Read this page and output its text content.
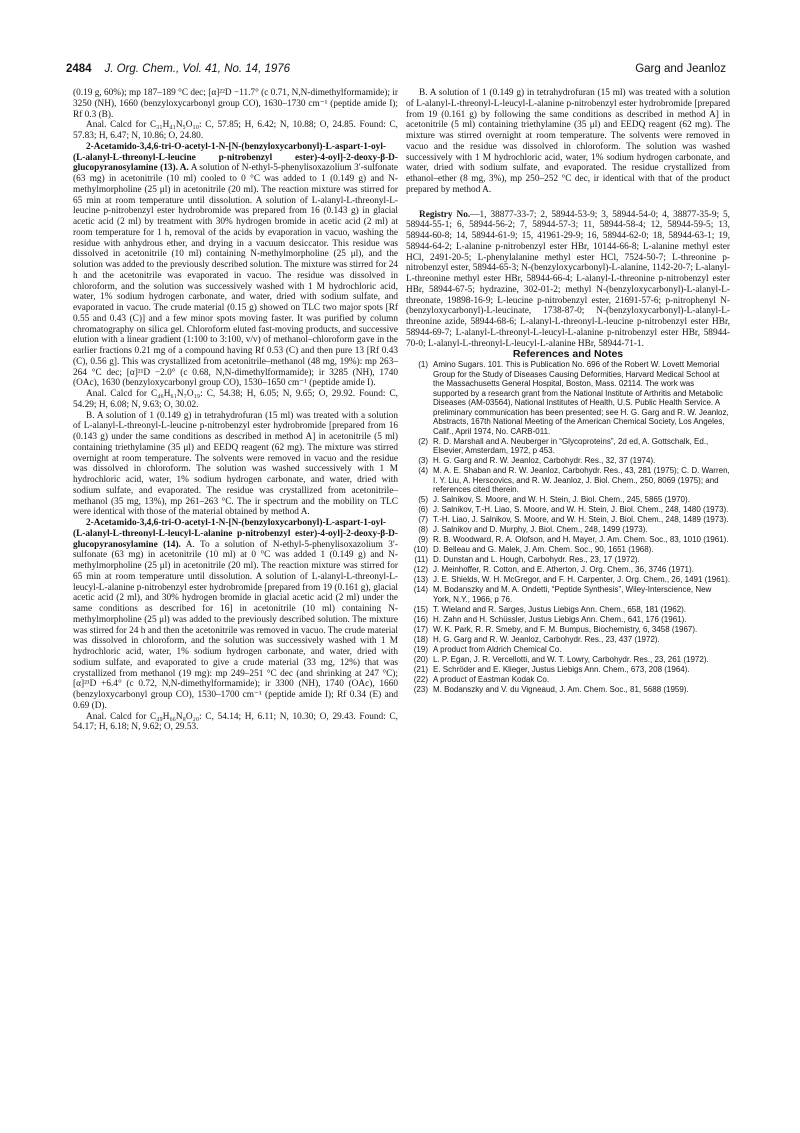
2484 J. Org. Chem., Vol. 41, No. 14, 1976	Garg and Jeanloz

(0.19 g, 60%); mp 187–189 °C dec; [α]²²D −11.7° (c 0.71, N,N-dimethylformamide); ir 3250 (NH), 1660 (benzyloxycarbonyl group CO), 1630–1730 cm⁻¹ (peptide amide I); Rf 0.3 (B).

Anal. Calcd for C₃₁H₄₁N₅O₁₀: C, 57.85; H, 6.42; N, 10.88; O, 24.85. Found: C, 57.83; H, 6.47; N, 10.86; O, 24.80.

2-Acetamido-3,4,6-tri-O-acetyl-1-N-[N-(benzyloxycarbonyl)-L-aspart-1-oyl-(L-alanyl-L-threonyl-L-leucine p-nitrobenzyl ester)-4-oyl]-2-deoxy-β-D-glucopyranosylamine (13). A. A solution of N-ethyl-5-phenylisoxazolium 3′-sulfonate (63 mg) in acetonitrile (10 ml) cooled to 0 °C was added to 1 (0.149 g) and N-methylmorpholine (25 μl) in acetonitrile (20 ml). The reaction mixture was stirred for 65 min at room temperature until dissolution. A solution of L-alanyl-L-threonyl-L-leucine p-nitrobenzyl ester hydrobromide was prepared from 16 (0.143 g) in glacial acetic acid (2 ml) by treatment with 30% hydrogen bromide in acetic acid (2 ml) at room temperature for 1 h, removal of the acids by evaporation in vacuo, washing the residue with anhydrous ether, and drying in a vacuum desiccator. This residue was dissolved in acetonitrile (10 ml) containing N-methylmorpholine (25 μl), and the solution was added to the previously described solution. The mixture was stirred for 24 h and the acetonitrile was evaporated in vacuo. The residue was dissolved in chloroform, and the solution was successively washed with 1 M hydrochloric acid, water, 1% sodium hydrogen carbonate, and water, dried with sodium sulfate, and evaporated in vacuo. The crude material (0.15 g) showed on TLC two major spots [Rf 0.55 and 0.43 (C)] and a few minor spots moving faster. It was purified by column chromatography on silica gel. Chloroform eluted fast-moving products, and successive elution with a linear gradient (1:100 to 3:100, v/v) of methanol–chloroform gave in the earlier fractions 0.21 mg of a compound having Rf 0.53 (C) and then pure 13 [Rf 0.43 (C), 0.56 g]. This was crystallized from acetonitrile–methanol (48 mg, 19%): mp 263–264 °C dec; [α]²¹D −2.0° (c 0.68, N,N-dimethylformamide); ir 3285 (NH), 1740 (OAc), 1630 (benzyloxycarbonyl group CO), 1530–1650 cm⁻¹ (peptide amide I).

Anal. Calcd for C₄₆H₆₁N₇O₁₉: C, 54.38; H, 6.05; N, 9.65; O, 29.92. Found: C, 54.29; H, 6.08; N, 9.63; O, 30.02.

B. A solution of 1 (0.149 g) in tetrahydrofuran (15 ml) was treated with a solution of L-alanyl-L-threonyl-L-leucine p-nitrobenzyl ester hydrobromide [prepared from 16 (0.143 g) under the same conditions as described in method A] in acetonitrile (5 ml) containing triethylamine (35 μl) and EEDQ reagent (62 mg). The mixture was stirred overnight at room temperature. The solvents were removed in vacuo and the residue was dissolved in chloroform. The solution was washed successively with 1 M hydrochloric acid, water, 1% sodium hydrogen carbonate, and water, dried with sodium sulfate, and evaporated. The residue was crystallized from acetonitrile–methanol (35 mg, 13%), mp 261–263 °C. The ir spectrum and the mobility on TLC were identical with those of the material obtained by method A.

2-Acetamido-3,4,6-tri-O-acetyl-1-N-[N-(benzyloxycarbonyl)-L-aspart-1-oyl-(L-alanyl-L-threonyl-L-leucyl-L-alanine p-nitrobenzyl ester)-4-oyl]-2-deoxy-β-D-glucopyranosylamine (14). A. To a solution of N-ethyl-5-phenylisoxazolium 3′-sulfonate (63 mg) in acetonitrile (10 ml) at 0 °C was added 1 (0.149 g) and N-methylmorpholine (25 μl) in acetonitrile (20 ml). The reaction mixture was stirred for 65 min at room temperature until dissolution. A solution of L-alanyl-L-threonyl-L-leucyl-L-alanine p-nitrobenzyl ester hydrobromide [prepared from 19 (0.161 g), glacial acetic acid (2 ml), and 30% hydrogen bromide in glacial acetic acid (2 ml) under the same conditions as described for 16] in acetonitrile (10 ml) containing N-methylmorpholine (25 μl) was added to the previously described solution. The mixture was stirred for 24 h and then the acetonitrile was removed in vacuo. The crude material was dissolved in chloroform, and the solution was successively washed with 1 M hydrochloric acid, water, 1% sodium hydrogen carbonate, and water, dried with sodium sulfate, and evaporated to give a crude material (33 mg, 12%) that was crystallized from methanol (19 mg): mp 249–251 °C dec (and shrinking at 247 °C); [α]²¹D +6.4° (c 0.72, N,N-dimethylformamide); ir 3300 (NH), 1740 (OAc), 1660 (benzyloxycarbonyl group CO), 1530–1700 cm⁻¹ (peptide amide I); Rf 0.34 (E) and 0.69 (D).

Anal. Calcd for C₄₉H₆₆N₈O₂₀: C, 54.14; H, 6.11; N, 10.30; O, 29.43. Found: C, 54.17; H, 6.18; N, 9.62; O, 29.53.

B. A solution of 1 (0.149 g) in tetrahydrofuran (15 ml) was treated with a solution of L-alanyl-L-threonyl-L-leucyl-L-alanine p-nitrobenzyl ester hydrobromide [prepared from 19 (0.161 g) by following the same conditions as described in method A] in acetonitrile (5 ml) containing triethylamine (35 μl) and EEDQ reagent (62 mg). The mixture was stirred overnight at room temperature. The solvents were removed in vacuo and the residue was dissolved in chloroform. The solution was washed successively with 1 M hydrochloric acid, water, 1% sodium hydrogen carbonate, and water, dried with sodium sulfate, and evaporated. The residue crystallized from ethanol–ether (8 mg, 3%), mp 250–252 °C dec, ir identical with that of the product prepared by method A.

Registry No.—1, 38877-33-7; 2, 58944-53-9; 3, 58944-54-0; 4, 38877-35-9; 5, 58944-55-1; 6, 58944-56-2; 7, 58944-57-3; 11, 58944-58-4; 12, 58944-59-5; 13, 58944-60-8; 14, 58944-61-9; 15, 41961-29-9; 16, 58944-62-0; 18, 58944-63-1; 19, 58944-64-2; L-alanine p-nitrobenzyl ester HBr, 10144-66-8; L-alanine methyl ester HCl, 2491-20-5; L-phenylalanine methyl ester HCl, 7524-50-7; L-threonine p-nitrobenzyl ester, 58944-65-3; N-(benzyloxycarbonyl)-L-alanine, 1142-20-7; L-alanyl-L-threonine methyl ester HBr, 58944-66-4; L-alanyl-L-threonine p-nitrobenzyl ester HBr, 58944-67-5; hydrazine, 302-01-2; methyl N-(benzyloxycarbonyl)-L-alanyl-L-threonate, 19898-16-9; L-leucine p-nitrobenzyl ester, 21691-57-6; p-nitrophenyl N-(benzyloxycarbonyl)-L-leucinate, 1738-87-0; N-(benzyloxycarbonyl)-L-alanyl-L-threonine azide, 58944-68-6; L-alanyl-L-threonyl-L-leucine p-nitrobenzyl ester HBr, 58944-69-7; L-alanyl-L-threonyl-L-leucyl-L-alanine p-nitrobenzyl ester HBr, 58944-70-0; L-alanyl-L-threonyl-L-leucyl-L-alanine HBr, 58944-71-1.

References and Notes

(1) Amino Sugars. 101. This is Publication No. 696 of the Robert W. Lovett Memorial Group for the Study of Diseases Causing Deformities, Harvard Medical School at the Massachusetts General Hospital, Boston, Mass. 02114. The work was supported by a research grant from the National Institute of Arthritis and Metabolic Diseases (AM-03564), National Institutes of Health, U.S. Public Health Service. A preliminary communication has been presented; see H. G. Garg and R. W. Jeanloz, Abstracts, 167th National Meeting of the American Chemical Society, Los Angeles, Calif., April 1974, No. CARB-011.
(2) R. D. Marshall and A. Neuberger in “Glycoproteins”, 2d ed, A. Gottschalk, Ed., Elsevier, Amsterdam, 1972, p 453.
(3) H. G. Garg and R. W. Jeanloz, Carbohydr. Res., 32, 37 (1974).
(4) M. A. E. Shaban and R. W. Jeanloz, Carbohydr. Res., 43, 281 (1975); C. D. Warren, I. Y. Liu, A. Herscovics, and R. W. Jeanloz, J. Biol. Chem., 250, 8069 (1975); and references cited therein.
(5) J. Salnikov, S. Moore, and W. H. Stein, J. Biol. Chem., 245, 5865 (1970).
(6) J. Salnikov, T.-H. Liao, S. Moore, and W. H. Stein, J. Biol. Chem., 248, 1480 (1973).
(7) T.-H. Liao, J. Salnikov, S. Moore, and W. H. Stein, J. Biol. Chem., 248, 1489 (1973).
(8) J. Salnikov and D. Murphy, J. Biol. Chem., 248, 1499 (1973).
(9) R. B. Woodward, R. A. Olofson, and H. Mayer, J. Am. Chem. Soc., 83, 1010 (1961).
(10) D. Belleau and G. Malek, J. Am. Chem. Soc., 90, 1651 (1968).
(11) D. Dunstan and L. Hough, Carbohydr. Res., 23, 17 (1972).
(12) J. Meinhoffer, R. Cotton, and E. Atherton, J. Org. Chem., 36, 3746 (1971).
(13) J. E. Shields, W. H. McGregor, and F. H. Carpenter, J. Org. Chem., 26, 1491 (1961).
(14) M. Bodanszky and M. A. Ondetti, “Peptide Synthesis”, Wiley-Interscience, New York, N.Y., 1966, p 76.
(15) T. Wieland and R. Sarges, Justus Liebigs Ann. Chem., 658, 181 (1962).
(16) H. Zahn and H. Schüssler, Justus Liebigs Ann. Chem., 641, 176 (1961).
(17) W. K. Park, R. R. Smeby, and F. M. Bumpus, Biochemistry, 6, 3458 (1967).
(18) H. G. Garg and R. W. Jeanloz, Carbohydr. Res., 23, 437 (1972).
(19) A product from Aldrich Chemical Co.
(20) L. P. Egan, J. R. Vercellotti, and W. T. Lowry, Carbohydr. Res., 23, 261 (1972).
(21) E. Schröder and E. Klieger, Justus Liebigs Ann. Chem., 673, 208 (1964).
(22) A product of Eastman Kodak Co.
(23) M. Bodanszky and V. du Vigneaud, J. Am. Chem. Soc., 81, 5688 (1959).
